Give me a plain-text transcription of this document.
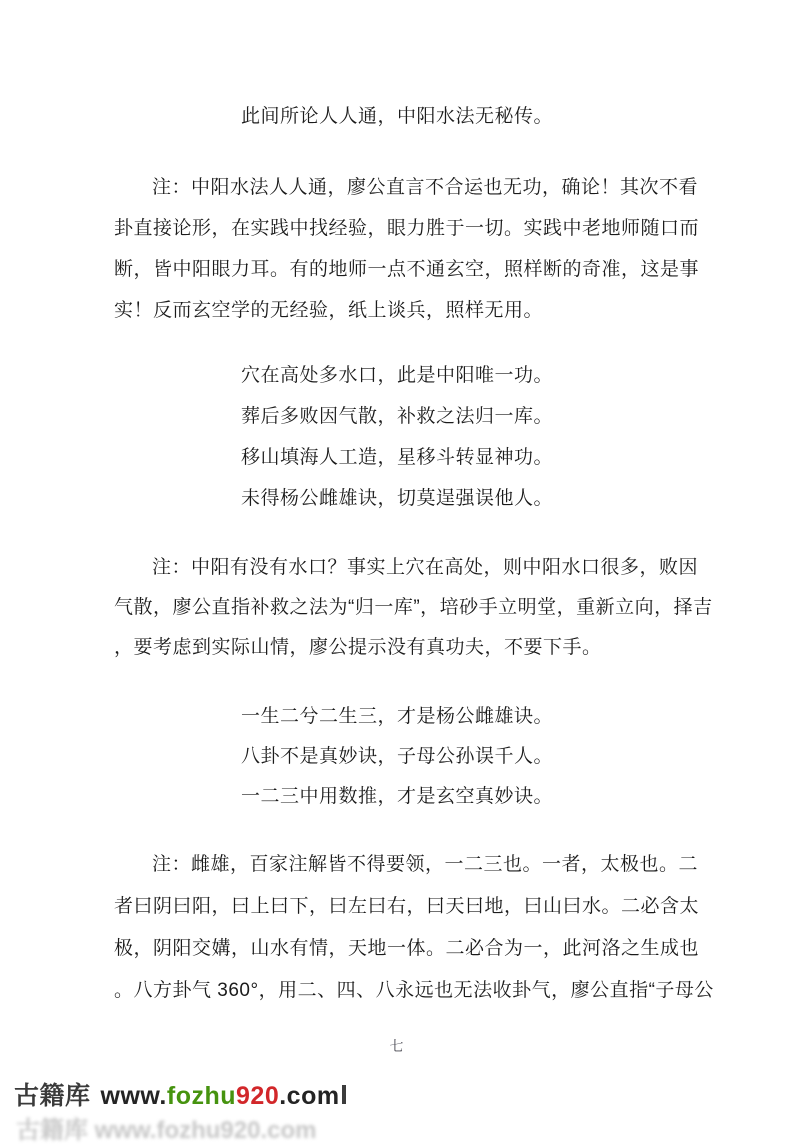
此间所论人人通，中阳水法无秘传。
注：中阳水法人人通，廖公直言不合运也无功，确论！其次不看
卦直接论形，在实践中找经验，眼力胜于一切。实践中老地师随口而
断，皆中阳眼力耳。有的地师一点不通玄空，照样断的奇准，这是事
实！反而玄空学的无经验，纸上谈兵，照样无用。
穴在高处多水口，此是中阳唯一功。
葬后多败因气散，补救之法归一库。
移山填海人工造，星移斗转显神功。
未得杨公雌雄诀，切莫逞强误他人。
注：中阳有没有水口？事实上穴在高处，则中阳水口很多，败因
气散，廖公直指补救之法为“归一库”，培砂手立明堂，重新立向，择吉
，要考虑到实际山情，廖公提示没有真功夫，不要下手。
一生二兮二生三，才是杨公雌雄诀。
八卦不是真妙诀，子母公孙误千人。
一二三中用数推，才是玄空真妙诀。
注：雌雄，百家注解皆不得要领，一二三也。一者，太极也。二
者曰阴曰阳，曰上曰下，曰左曰右，曰天曰地，曰山曰水。二必含太
极，阴阳交媾，山水有情，天地一体。二必合为一，此河洛之生成也
。八方卦气 360°，用二、四、八永远也无法收卦气，廖公直指“子母公
七
古籍库 www.fozhu920.com
古籍库 www.fozhu920.com
